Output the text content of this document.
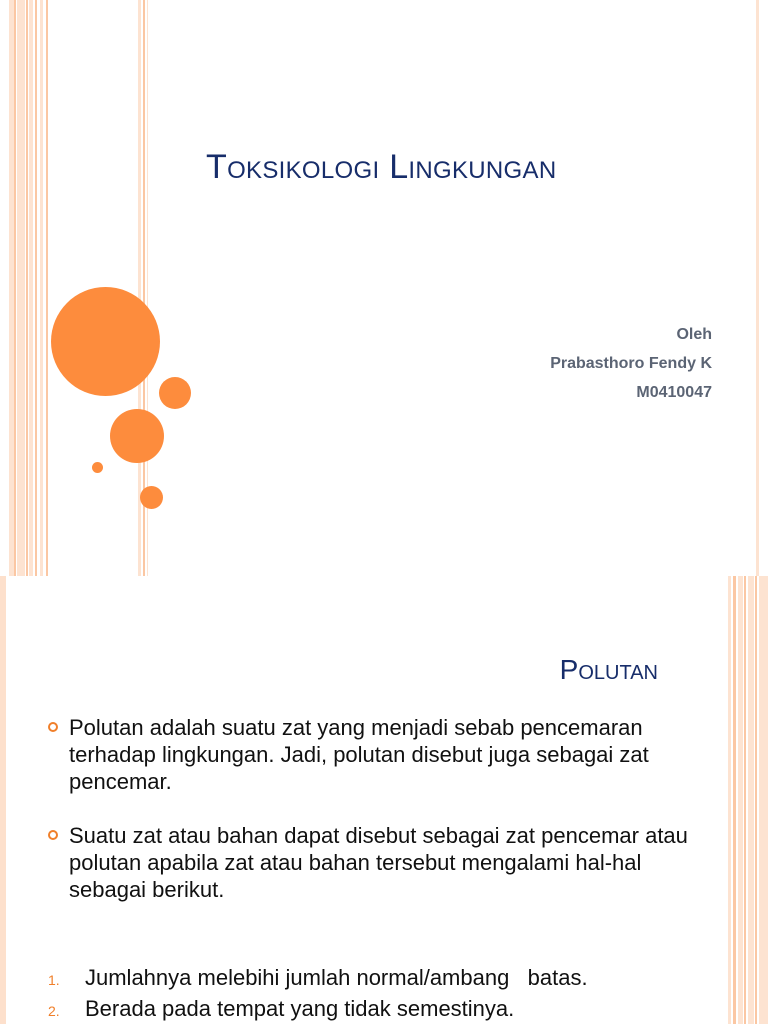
Toksikologi Lingkungan
Oleh
Prabasthoro Fendy K
M0410047
Polutan
Polutan adalah suatu zat yang menjadi sebab pencemaran terhadap lingkungan. Jadi, polutan disebut juga sebagai zat pencemar.
Suatu zat atau bahan dapat disebut sebagai zat pencemar atau polutan apabila zat atau bahan tersebut mengalami hal-hal sebagai berikut.
1. Jumlahnya melebihi jumlah normal/ambang   batas.
2. Berada pada tempat yang tidak semestinya.
